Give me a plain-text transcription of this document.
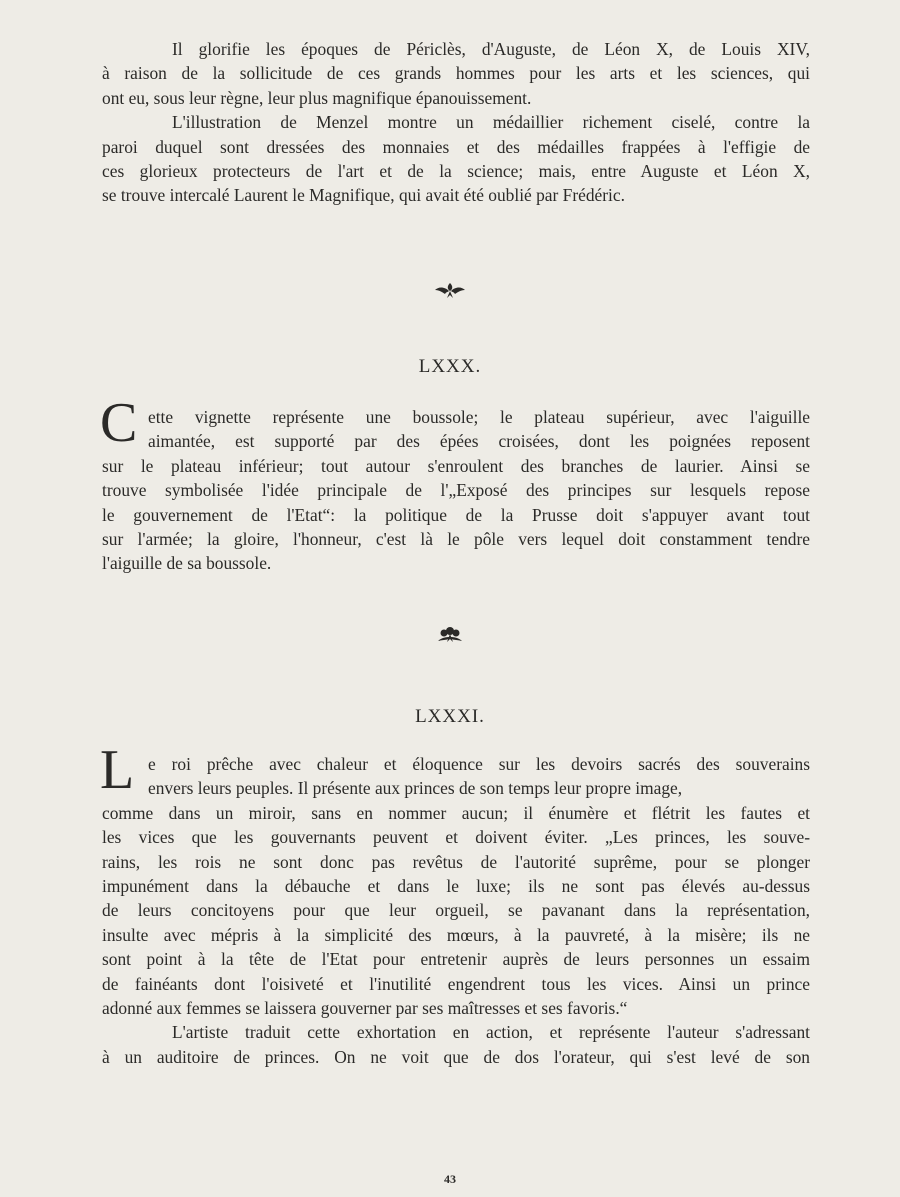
Il glorifie les époques de Périclès, d'Auguste, de Léon X, de Louis XIV,
à raison de la sollicitude de ces grands hommes pour les arts et les sciences, qui
ont eu, sous leur règne, leur plus magnifique épanouissement.
L'illustration de Menzel montre un médaillier richement ciselé, contre la
paroi duquel sont dressées des monnaies et des médailles frappées à l'effigie de
ces glorieux protecteurs de l'art et de la science; mais, entre Auguste et Léon X,
se trouve intercalé Laurent le Magnifique, qui avait été oublié par Frédéric.
LXXX.
C ette vignette représente une boussole; le plateau supérieur, avec l'aiguille
aimantée, est supporté par des épées croisées, dont les poignées reposent
sur le plateau inférieur; tout autour s'enroulent des branches de laurier. Ainsi se
trouve symbolisée l'idée principale de l'„Exposé des principes sur lesquels repose
le gouvernement de l'Etat“: la politique de la Prusse doit s'appuyer avant tout
sur l'armée; la gloire, l'honneur, c'est là le pôle vers lequel doit constamment tendre
l'aiguille de sa boussole.
LXXXI.
L e roi prêche avec chaleur et éloquence sur les devoirs sacrés des souverains
envers leurs peuples. Il présente aux princes de son temps leur propre image,
comme dans un miroir, sans en nommer aucun; il énumère et flétrit les fautes et
les vices que les gouvernants peuvent et doivent éviter. „Les princes, les souve-
rains, les rois ne sont donc pas revêtus de l'autorité suprême, pour se plonger
impunément dans la débauche et dans le luxe; ils ne sont pas élevés au-dessus
de leurs concitoyens pour que leur orgueil, se pavanant dans la représentation,
insulte avec mépris à la simplicité des mœurs, à la pauvreté, à la misère; ils ne
sont point à la tête de l'Etat pour entretenir auprès de leurs personnes un essaim
de fainéants dont l'oisiveté et l'inutilité engendrent tous les vices. Ainsi un prince
adonné aux femmes se laissera gouverner par ses maîtresses et ses favoris.“
L'artiste traduit cette exhortation en action, et représente l'auteur s'adressant
à un auditoire de princes. On ne voit que de dos l'orateur, qui s'est levé de son
43
